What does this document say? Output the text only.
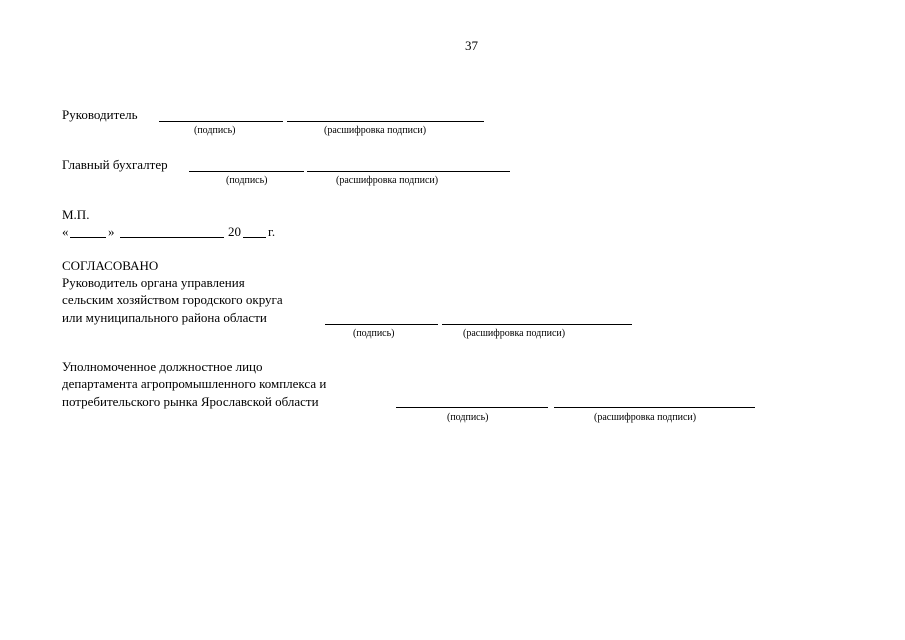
37
Руководитель
(подпись)	(расшифровка подписи)
Главный бухгалтер
(подпись)	(расшифровка подписи)
М.П.
«	»	20 г.
СОГЛАСОВАНО
Руководитель органа управления
сельским хозяйством городского округа
или муниципального района области
(подпись)	(расшифровка подписи)
Уполномоченное должностное лицо
департамента агропромышленного комплекса и
потребительского рынка Ярославской области
(подпись)	(расшифровка подписи)
